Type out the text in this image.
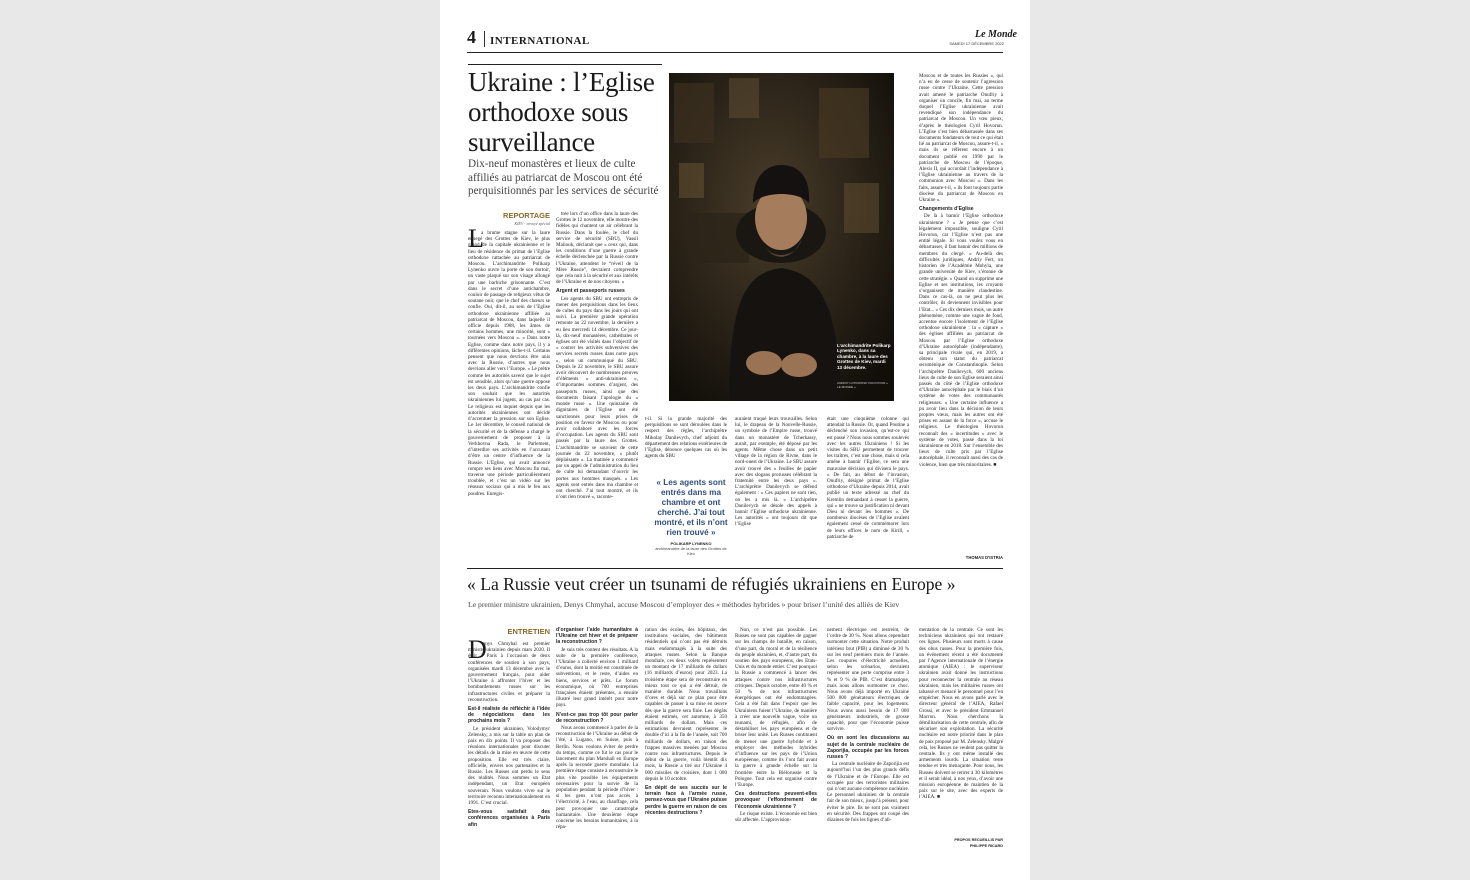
4 INTERNATIONAL
Le Monde
SAMEDI 17 DÉCEMBRE 2022
Ukraine : l’Eglise orthodoxe sous surveillance
Dix-neuf monastères et lieux de culte affiliés au patriarcat de Moscou ont été perquisitionnés par les services de sécurité
REPORTAGE
KIEV - envoyé spécial
L

a brume stagne sur la laure ennegé des Grottes de Kiev, le plus grand de la capitale ukrainienne et le lieu de résidence du primat de l’Eglise orthodoxe rattachée au patriarcat de Moscou. L’archimandrite Polikarp Lynenko ouvre la porte de son dortoir, un vaste plaqué sur son visage allongé par une barbiche grisonnante. C’est dans le secret d’une antichambre, couloir de passage de religieux vêtus de soutane noir, que le chef des chœurs se confie. Oui, dit-il, au sein de l’Eglise orthodoxe ukrainienne affiliée au patriarcat de Moscou, dans laquelle il officie depuis 1988, les âmes de certains hommes, une minorité, sont « tournées vers Moscou ». « Dans notre Eglise, comme dans notre pays, il y a différentes opinions, lâche-t-il. Certains pensent que nous devrions être unis avec la Russie, d’autres que nous devrions aller vers l’Europe. » Le prêtre comme les autorités savent que le sujet est sensible, alors qu’une guerre oppose les deux pays. L’archimandrite confie son souhait que les autorités ukrainiennes lui jugent, au cas par cas. Le religieux est inquiet depuis que les autorités ukrainiennes ont décidé d’accentuer la pression sur son Eglise. Le 1er décembre, le conseil national de la sécurité et de la défense a chargé le gouvernement de proposer à la Verkhovna Rada, le Parlement, d’interdire ses activités en l’accusant d’être un centre d’influence de la Russie. L’Eglise, qui avait annoncé rompre ses liens avec Moscou fin mai, traverse une période particulièrement troublée, et c’est un vidéo sur les réseaux sociaux qui a mis le feu aux poudres. Enregis-

trée lors d’un office dans la laure des Grottes le 12 novembre, elle montre des fidèles qui chantent un air célébrant la Russie. Dans la foulée, le chef du service de sécurité (SBU), Vassil Maliouk, déclarait que « ceux qui, dans les conditions d’une guerre à grande échelle déclenchée par la Russie contre l’Ukraine, attendent le “réveil de la Mère Russie”, devraient comprendre que cela nuit à la sécurité et aux intérêts de l’Ukraine et de nos citoyens. »

Argent et passeports russes

Les agents du SBU ont entrepris de mener des perquisitions dans les lieux de cultes du pays dans les jours qui ont suivi. La première grande opération remonte au 22 novembre, la dernière a eu lieu mercredi 14 décembre. Ce jour-là, dix-neuf monastères, cathédrales et églises ont été visités dans l’objectif de « contrer les activités subversives des services secrets russes dans notre pays », selon un communiqué du SBU. Depuis le 22 novembre, le SBU assure avoir découvert de nombreuses preuves d’éléments « anti-ukrainiens », d’importantes sommes d’argent, des passeports russes, ainsi que des documents faisant l’apologie du « monde russe ». Une quinzaine de dignitaires de l’Eglise ont été sanctionnés pour leurs prises de position en faveur de Moscou ou pour avoir collaboré avec les forces d’occupation. Les agents du SBU sont passés par la laure des Grottes. L’archimandrite se souvient de cette journée du 22 novembre, « plutôt déplaisante ». La matinée a commencé par un appel de l’administration du lieu de culte lui demandant d’ouvrir les portes aux hommes masqués. « Les agents sont entrés dans ma chambre et ont cherché. J’ai tout montré, et ils n’ont rien trouvé », raconte-

L’archimandrite Polikarp Lynenko, dans sa chambre, à la laure des Grottes de Kiev, mardi 13 décembre.
ANDRIY LOTROWSKY/NOI POUR « LE MONDE »

t-il. Si la grande majorité des perquisitions se sont déroulées dans le respect des règles, l’archiprêtre Mikolay Danilevych, chef adjoint du département des relations extérieures de l’Eglise, dénonce quelques cas où les agents du SBU

« Les agents sont entrés dans ma chambre et ont cherché. J’ai tout montré, et ils n’ont rien trouvé »
POLIKARP LYNENKO
archimandrite de la laure des Grottes de Kiev

auraient truqué leurs trouvailles. Selon lui, le drapeau de la Nouvelle-Russie, un symbole de l’Empire russe, trouvé dans un monastère de Tcherkassy, aurait, par exemple, été déposé par les agents. Même chose dans un petit village de la région de Rivne, dans le nord-ouest de l’Ukraine. Le SBU assure avoir trouvé des « feuilles de papier avec des slogans prorusses célébrant la fraternité entre les deux pays ». L’archiprêtre Danilevych se défend également : « Ces papiers ne sont rien, on les a mis là. » L’archiprêtre Danilevych se désole des appels à bannir l’Eglise orthodoxe ukrainienne. Les autorités « ont toujours dit que l’Eglise

était une cinquième colonne qui attendait la Russie. Or, quand Poutine a déclenché son invasion, qu’est-ce qui est passé ? Nous nous sommes soulevés avec les autres Ukrainiens ! Si les visites du SBU permettent de trouver les traîtres, c’est une chose, mais si cela amène à bannir l’Eglise, ce sera une mauvaise décision qui divisera le pays. » De fait, au début de l’invasion, Onufriy, désigné primat de l’Eglise orthodoxe d’Ukraine depuis 2014, avait publié un texte adressé au chef du Kremlin demandant à cesser la guerre, qui « ne trouve sa justification ni devant Dieu ni devant les hommes ». De nombreux diocèses de l’Eglise avaient également cessé de commémorer lors de leurs offices le nom de Kirill, « patriarche de

Moscou et de toutes les Russies », qui n’a eu de cesse de soutenir l’agression russe contre l’Ukraine. Cette pression avait amené le patriarche Onufriy à organiser un concile, fin mai, au terme duquel l’Eglise ukrainienne avait revendiqué son indépendance du patriarcat de Moscou. Un vœu pieux, d’après le théologien Cyril Hovorun. L’Eglise s’est bien débarrassée dans ses documents fondateurs de tout ce qui était lié au patriarcat de Moscou, assure-t-il, « mais ils se réfèrent encore à un document publié en 1990 par le patriarche de Moscou de l’époque, Alexis II, qui accordait l’indépendance à l’Eglise ukrainienne au travers de la communion avec Moscou ». Dans les faits, assure-t-il, « ils font toujours partie diocèse du patriarcat de Moscou en Ukraine ».

Changements d’Eglise

De là à bannir l’Eglise orthodoxe ukrainienne ? « Je pense que c’est légalement impossible, souligne Cyril Hovorun, car l’Eglise n’est pas une entité légale. Si vous voulez vous en débarrasser, il faut bannir des millions de membres du clergé. » Au-delà des difficultés juridiques, Andriy Fert, un historien de l’Académie Mohyla, une grande université de Kiev, s’étonne de cette stratégie. « Quand on supprime une Eglise et ses institutions, les croyants s’organisent de manière clandestine. Dans ce cas-là, on ne peut plus les contrôler, ils deviennent invisibles pour l’Etat... » Ces dix derniers mois, un autre phénomène, comme une vague de fond, accentue encore l’isolement de l’Eglise orthodoxe ukrainienne : la « capture » des églises affiliées au patriarcat de Moscou par l’Eglise orthodoxe d’Ukraine autocéphale (indépendante), sa principale rivale qui, en 2019, a obtenu son statut du patriarcat œcuménique de Constantinople. Selon l’archiprêtre Danilevych, 600 anciens lieux de culte de son Eglise seraient ainsi passés du côté de l’Eglise orthodoxe d’Ukraine autocéphale par le biais d’un système de votes des communautés religieuses. « Une certaine influence a pu avoir lieu dans la décision de leurs propres vœux, mais les autres ont été prises en assaut de la force », accuse le religieux. Le théologien Hovorun reconnaît des « incertitudes » avec le système de votes, passé dans la loi ukrainienne en 2018. Sur l’ensemble des lieux de culte pris par l’Eglise autocéphale, il reconnaît aussi des cas de violence, bien que très minoritaires. ■

THOMAS D’ISTRIA
« La Russie veut créer un tsunami de réfugiés ukrainiens en Europe »
Le premier ministre ukrainien, Denys Chmyhal, accuse Moscou d’employer des « méthodes hybrides » pour briser l’unité des alliés de Kiev
ENTRETIEN
D

enys Chmyhal est premier ministre ukrainien depuis mars 2020. Il était à Paris à l’occasion de deux conférences de soutien à son pays, organisées mardi 13 décembre avec le gouvernement français, pour aider l’Ukraine à affronter l’hiver et les bombardements russes sur les infrastructures civiles et préparer la reconstruction.

Est-il réaliste de réfléchir à l’idée de négociations dans les prochains mois ?

Le président ukrainien, Volodymyr Zelensky, a mis sur la table un plan de paix en dix points. Il va proposer des réunions internationales pour discuter les détails de la mise en œuvre de cette proposition. Elle est très claire, officielle, envers nos partenaires et la Russie. Les Russes ont perdu le sens des réalités. Nous sommes un Etat indépendant, un Etat européen souverain. Nous voulons vivre sur le territoire reconnu internationalement en 1991. C’est crucial.

Etes-vous satisfait des conférences organisées à Paris afin

d’organiser l’aide humanitaire à l’Ukraine cet hiver et de préparer la reconstruction ?

Je suis très content des résultats. A la suite de la première conférence, l’Ukraine a collecté environ 1 milliard d’euros, dont la moitié est constituée de subventions, et le reste, d’aides en biens, services et prêts. Le forum économique, où 700 entreprises françaises étaient présentes, a ensuite illustré leur grand intérêt pour notre pays.

N’est-ce pas trop tôt pour parler de reconstruction ?

Nous avons commencé à parler de la reconstruction de l’Ukraine au début de l’été, à Lugano, en Suisse, puis à Berlin. Nous voulons éviter de perdre du temps, comme ce fut le cas pour le lancement du plan Marshall en Europe après la seconde guerre mondiale. La première étape consiste à reconstruire le plus vite possible les équipements nécessaires pour la survie de la population pendant la période d’hiver : si les gens n’ont pas accès à l’électricité, à l’eau, au chauffage, cela peut provoquer une catastrophe humanitaire. Une deuxième étape concerne les besoins humanitaires, à la répa-

ration des écoles, des hôpitaux, des institutions sociales, des bâtiments résidentiels qui n’ont pas été détruits mais endommagés à la suite des attaques russes. Selon la Banque mondiale, ces deux volets représentent un montant de 17 milliards de dollars (16 milliards d’euros) pour 2023. La troisième étape sera de reconstruire en mieux tout ce qui a été détruit, de manière durable. Nous travaillons d’ores et déjà sur ce plan pour être capables de passer à sa mise en œuvre dès que la guerre sera finie. Les dégâts étaient estimés, cet automne, à 350 milliards de dollars. Mais ces estimations devraient représenter le double d’ici à la fin de l’année, soit 700 milliards de dollars, en raison des frappes massives menées par Moscou contre nos infrastructures. Depuis le début de la guerre, voilà bientôt dix mois, la Russie a tiré sur l’Ukraine 4 000 missiles de croisière, dont 1 000 depuis le 10 octobre.

En dépit de ses succès sur le terrain face à l’armée russe, pensez-vous que l’Ukraine puisse perdre la guerre en raison de ces récentes destructions ?

Non, ce n’est pas possible. Les Russes ne sont pas capables de gagner sur les champs de bataille, en raison, d’une part, du moral et de la résilience du peuple ukrainien, et, d’autre part, du soutien des pays européens, des Etats-Unis et du monde entier. C’est pourquoi la Russie a commencé à lancer des attaques contre nos infrastructures critiques. Depuis octobre, entre 40 % et 50 % de nos infrastructures énergétiques ont été endommagées. Cela a été fait dans l’espoir que les Ukrainiens fuient l’Ukraine, de manière à créer une nouvelle vague, voire un tsunami, de réfugiés, afin de déstabiliser les pays européens et de briser leur unité. Les Russes continuent de mener une guerre hybride et à employer des méthodes hybrides d’influence sur les pays de l’Union européenne, comme ils l’ont fait avant la guerre à grande échelle sur la frontière entre la Biélorussie et la Pologne. Tout cela est organisé contre l’Europe.

Ces destructions peuvent-elles provoquer l’effondrement de l’économie ukrainienne ?

Le risque existe. L’économie est bien sûr affectée. L’approvision-

nement électrique est restreint, de l’ordre de 30 %. Nous allons cependant surmonter cette situation. Notre produit intérieur brut (PIB) a diminué de 30 % sur les neuf premiers mois de l’année. Les coupures d’électricité actuelles, selon les scénarios, devraient représenter une perte comprise entre 3 % et 9 % de PIB. C’est dramatique, mais nous allons surmonter ce choc. Nous avons déjà importé en Ukraine 500 000 générateurs électriques de faible capacité, pour les logements. Nous avons aussi besoin de 17 000 générateurs industriels, de grosse capacité, pour que l’économie puisse survivre.

Où en sont les discussions au sujet de la centrale nucléaire de Zaporijia, occupée par les forces russes ?

La centrale nucléaire de Zaporijia est aujourd’hui l’un des plus grands défis de l’Ukraine et de l’Europe. Elle est occupée par des terroristes militaires qui n’ont aucune compétence nucléaire. Le personnel ukrainien de la centrale fait de son mieux, jusqu’à présent, pour éviter le pire. Ils ne sont pas vraiment en sécurité. Des frappes ont coupé des dizaines de fois les lignes d’ali-

mentation de la centrale. Ce sont les techniciens ukrainiens qui ont restauré ces lignes. Plusieurs sont morts à cause des obus russes. Pour la première fois, un événement récent a été documenté par l’Agence internationale de l’énergie atomique (AIEA) : le superviseur ukrainien avait donné les instructions pour reconnecter la centrale au réseau ukrainien, mais les militaires russes ont tabassé et menacé le personnel pour l’en empêcher. Nous en avons parlé avec le directeur général de l’AIEA, Rafael Grossi, et avec le président Emmanuel Macron. Nous cherchons la démilitarisation de cette centrale, afin de sécuriser son exploitation. La sécurité nucléaire est notre priorité dans le plan de paix proposé par M. Zelensky. Malgré cela, les Russes ne veulent pas quitter la centrale. Ils y ont même installé des armements lourds. La situation reste tendue et très menaçante. Pour nous, les Russes doivent se retirer à 30 kilomètres et il serait idéal, à nos yeux, d’avoir une mission européenne de maintien de la paix sur le site, avec des experts de l’AIEA. ■

PROPOS RECUEILLIS PAR
PHILIPPE RICARD
